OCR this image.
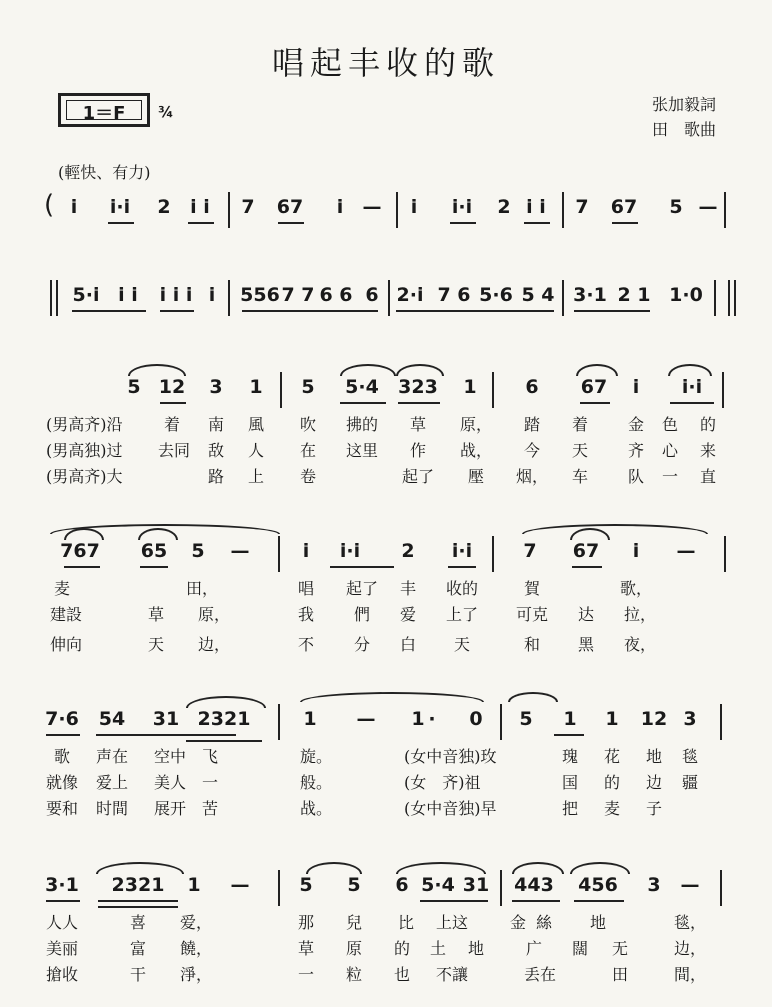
唱起丰收的歌
1＝F	¾	张加毅詞
田　歌曲
(輕快、有力)
( i i·i 2 i i 7 67 i — i i·i 2 i i 7 67 5 —
5·i i i i i i i 556 7 7 6 6 6 2·i 7 6 5·6 5 4 3·1 2 1 1·0
5 12 3 1 5 5·4 323 1	6 67 i i·i
(男高齐)沿	着 南 風 吹 拂的 草 原， 踏 着 金 色 的
(男高独)过 去同 敌 人 在 这里 作 战， 今 天 齐 心 来
(男高齐)大	路 上 卷	起了 壓 烟， 车 队 一 直
767 65 5 —	i i·i 2 i·i	7 67 i —
麦	田，	唱 起了 丰 收的	賀	歌，
建設	草 原，	我 們 爱 上了 可克 达 拉，
伸向	天 边，	不 分 白 天	和 黑 夜，
7·6 54 31 2321	1 — 1 · 0 5 1 1 12 3
歌 声在 空中 飞	旋。	(女中音独)玫	瑰 花 地 毯
就像 爱上 美人 一	般。	(女　齐)祖	国 的 边 疆
要和 时間 展开 苦	战。	(女中音独)早	把 麦 子
3·1 2321 1 —	5 5 6 5·4 31 443 456 3 —
人人	喜 爱，	那 兒 比 上这	金 絲 地	毯，
美丽	富 饒，	草 原 的 土 地	广 闊 无	边，
搶收	干 淨，	一 粒 也 不讓	丢在	田	間，
